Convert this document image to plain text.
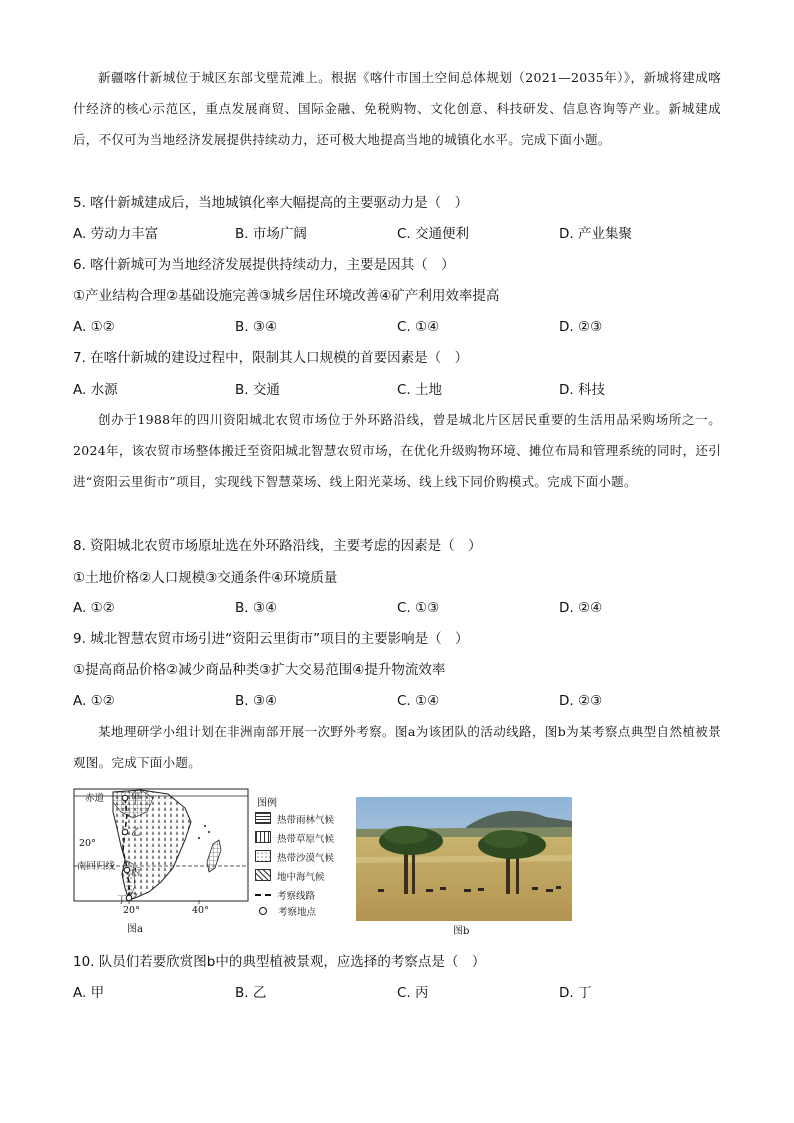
新疆喀什新城位于城区东部戈壁荒滩上。根据《喀什市国土空间总体规划（2021—2035年）》，新城将建成喀什经济的核心示范区，重点发展商贸、国际金融、免税购物、文化创意、科技研发、信息咨询等产业。新城建成后，不仅可为当地经济发展提供持续动力，还可极大地提高当地的城镇化水平。完成下面小题。

5. 喀什新城建成后，当地城镇化率大幅提高的主要驱动力是（　）
A. 劳动力丰富	B. 市场广阔	C. 交通便利	D. 产业集聚
6. 喀什新城可为当地经济发展提供持续动力，主要是因其（　）
①产业结构合理②基础设施完善③城乡居住环境改善④矿产利用效率提高
A. ①②	B. ③④	C. ①④	D. ②③
7. 在喀什新城的建设过程中，限制其人口规模的首要因素是（　）
A. 水源	B. 交通	C. 土地	D. 科技

创办于1988年的四川资阳城北农贸市场位于外环路沿线，曾是城北片区居民重要的生活用品采购场所之一。2024年，该农贸市场整体搬迁至资阳城北智慧农贸市场，在优化升级购物环境、摊位布局和管理系统的同时，还引进“资阳云里街市”项目，实现线下智慧菜场、线上阳光菜场、线上线下同价购模式。完成下面小题。

8. 资阳城北农贸市场原址选在外环路沿线，主要考虑的因素是（　）
①土地价格②人口规模③交通条件④环境质量
A. ①②	B. ③④	C. ①③	D. ②④
9. 城北智慧农贸市场引进“资阳云里街市”项目的主要影响是（　）
①提高商品价格②减少商品种类③扩大交易范围④提升物流效率
A. ①②	B. ③④	C. ①④	D. ②③

某地理研学小组计划在非洲南部开展一次野外考察。图a为该团队的活动线路，图b为某考察点典型自然植被景观图。完成下面小题。

赤道
南回归线
20°
甲
乙
丙
丁
20°	40°
图例
热带雨林气候
热带草原气候
热带沙漠气候
地中海气候
考察线路
考察地点
图a	图b
10. 队员们若要欣赏图b中的典型植被景观，应选择的考察点是（　）
A. 甲	B. 乙	C. 丙	D. 丁
